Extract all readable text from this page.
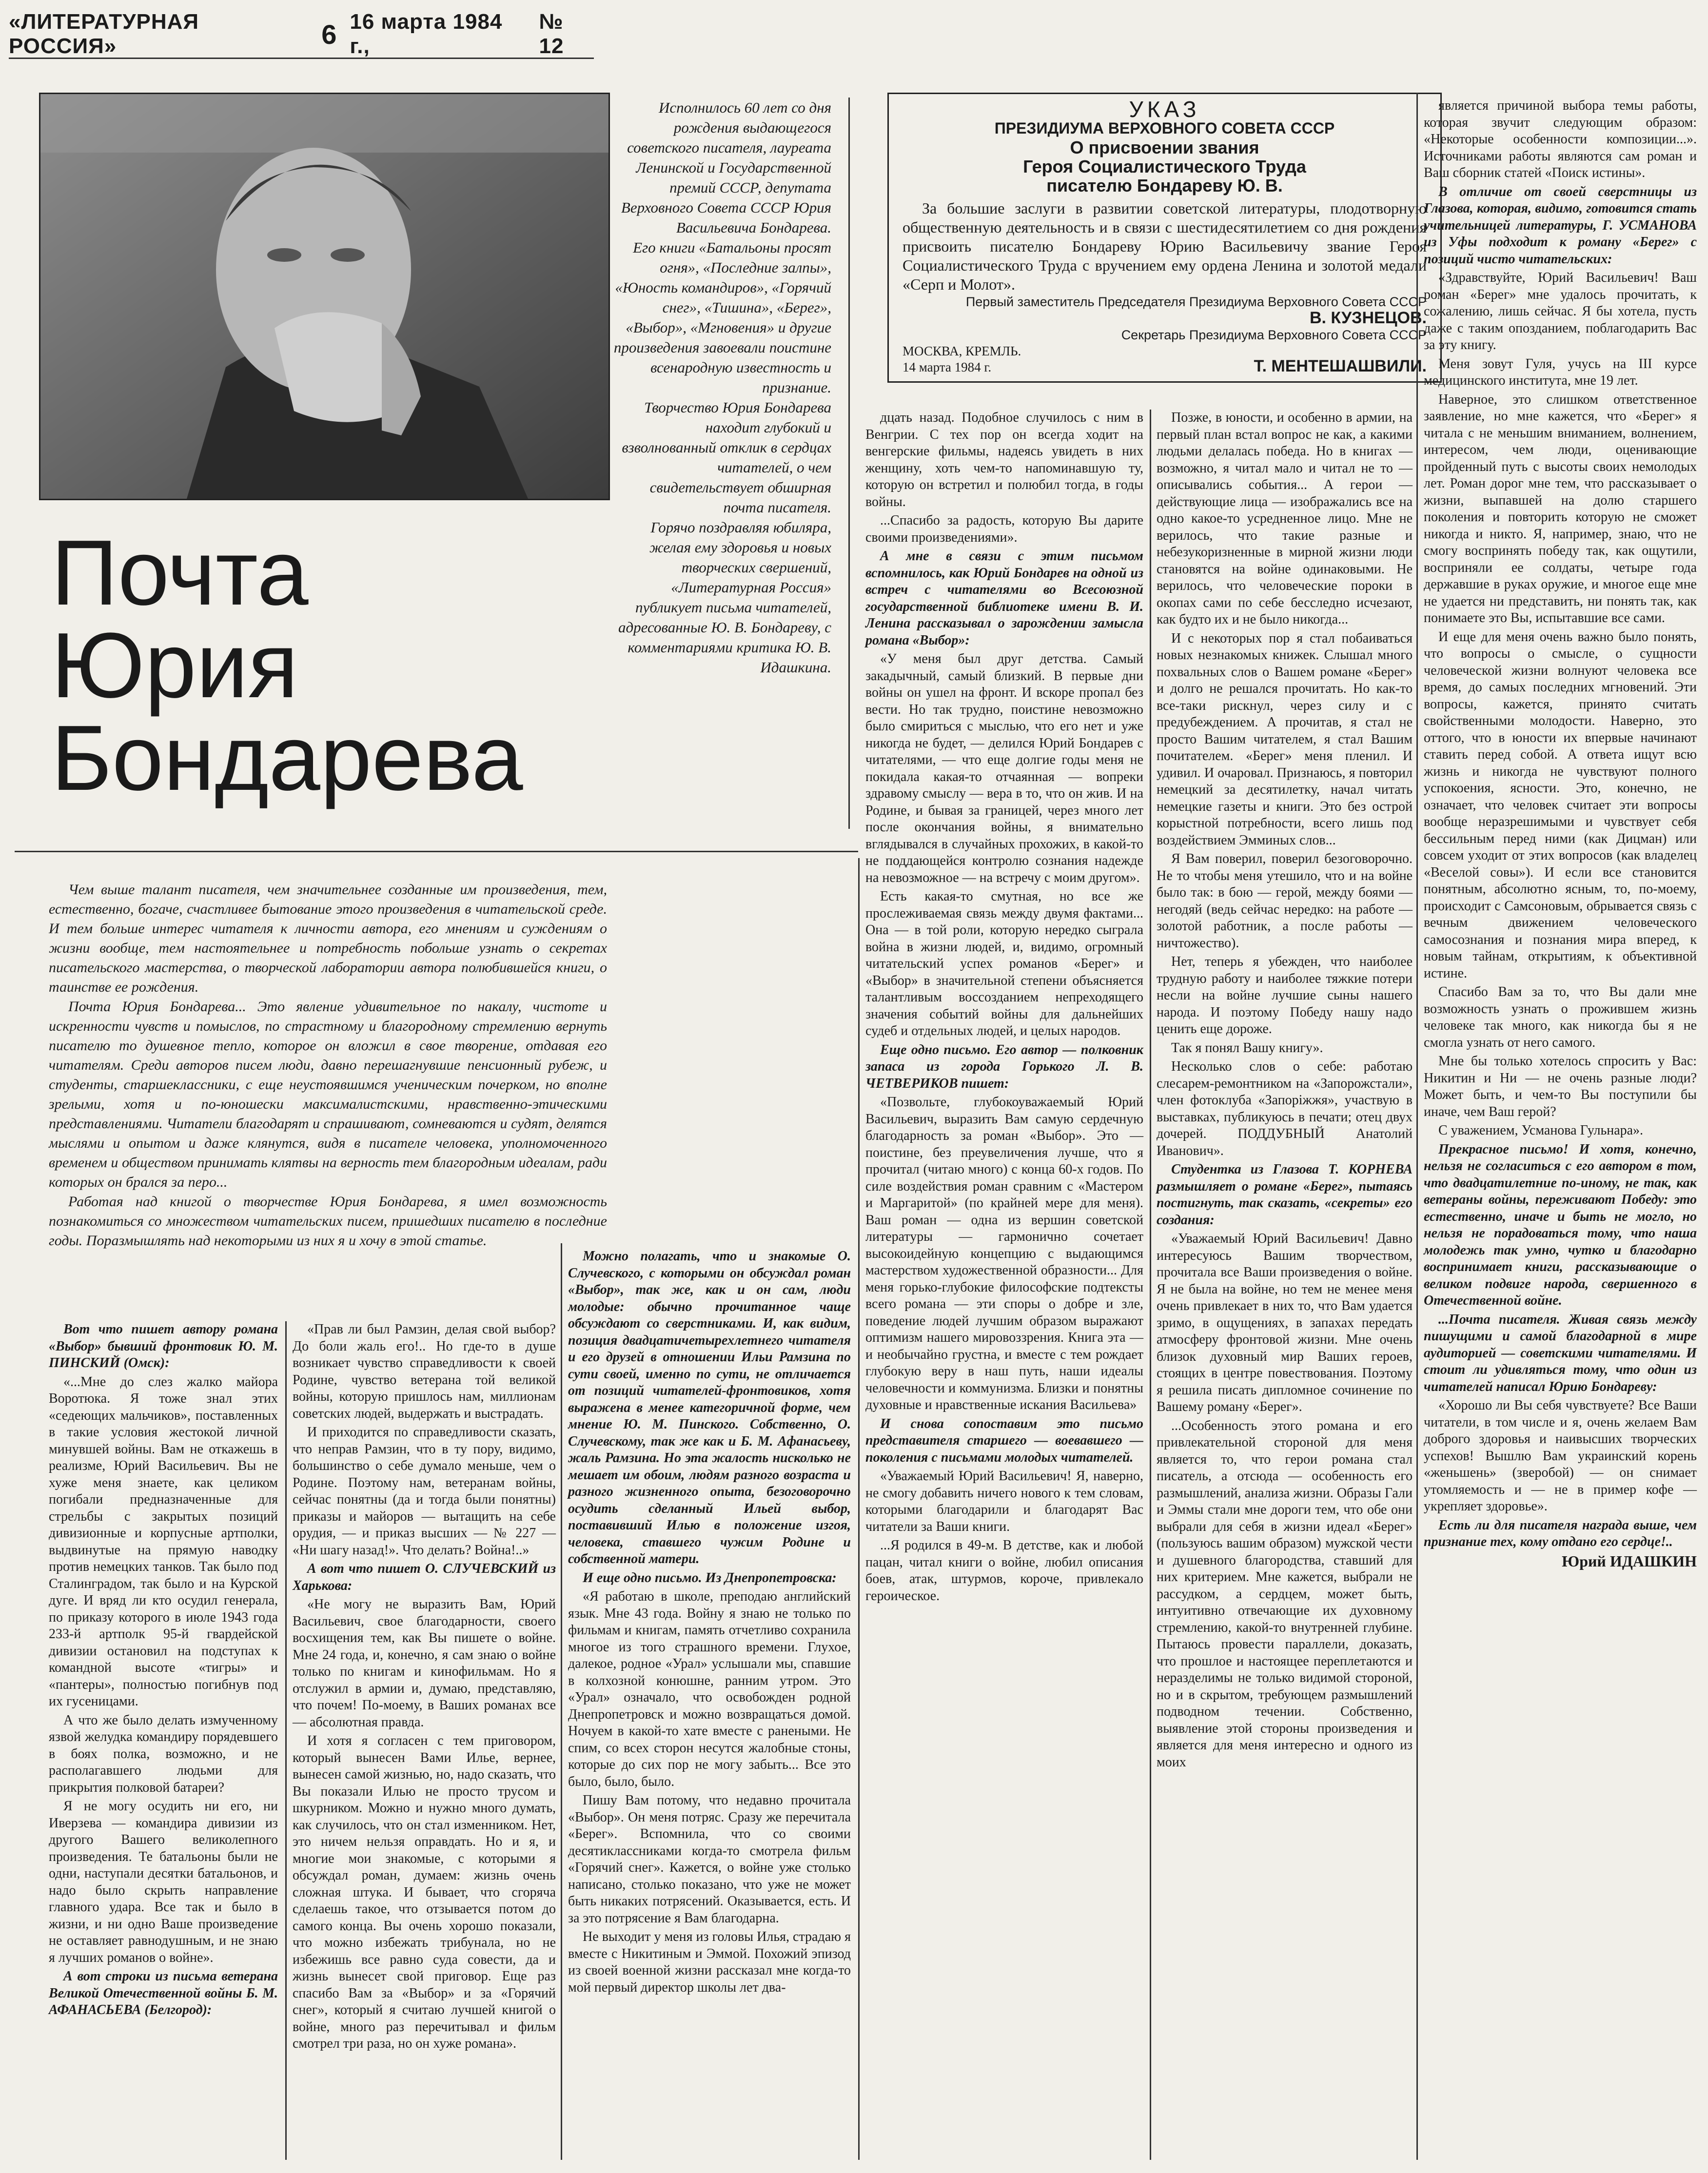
«ЛИТЕРАТУРНАЯ РОССИЯ»	6 16 марта 1984 г.,
№ 12
Почта
Юрия
Бондарева

Исполнилось 60 лет со дня рождения выдающегося советского писателя, лауреата Ленинской и Государственной премий СССР, депутата Верховного Совета СССР Юрия Васильевича Бондарева.

Его книги «Батальоны просят огня», «Последние залпы», «Юность командиров», «Горячий снег», «Тишина», «Берег», «Выбор», «Мгновения» и другие произведения завоевали поистине всенародную известность и признание.

Творчество Юрия Бондарева находит глубокий и взволнованный отклик в сердцах читателей, о чем свидетельствует обширная почта писателя.

Горячо поздравляя юбиляра, желая ему здоровья и новых творческих свершений, «Литературная Россия» публикует письма читателей, адресованные Ю. В. Бондареву, с комментариями критика Ю. В. Идашкина.

УКАЗ
ПРЕЗИДИУМА ВЕРХОВНОГО СОВЕТА СССР
О присвоении звания
Героя Социалистического Труда
писателю Бондареву Ю. В.
За большие заслуги в развитии советской литературы, плодотворную общественную деятельность и в связи с шестидесятилетием со дня рождения присвоить писателю Бондареву Юрию Васильевичу звание Героя Социалистического Труда с вручением ему ордена Ленина и золотой медали «Серп и Молот».
Первый заместитель Председателя Президиума Верховного Совета СССР
В. КУЗНЕЦОВ.
Секретарь Президиума Верховного Совета СССР
МОСКВА, КРЕМЛЬ.
14 марта 1984 г.	Т. МЕНТЕШАШВИЛИ.

Чем выше талант писателя, чем значительнее созданные им произведения, тем, естественно, богаче, счастливее бытование этого произведения в читательской среде. И тем больше интерес читателя к личности автора, его мнениям и суждениям о жизни вообще, тем настоятельнее и потребность побольше узнать о секретах писательского мастерства, о творческой лаборатории автора полюбившейся книги, о таинстве ее рождения.

Почта Юрия Бондарева... Это явление удивительное по накалу, чистоте и искренности чувств и помыслов, по страстному и благородному стремлению вернуть писателю то душевное тепло, которое он вложил в свое творение, отдавая его читателям. Среди авторов писем люди, давно перешагнувшие пенсионный рубеж, и студенты, старшеклассники, с еще неустоявшимся ученическим почерком, но вполне зрелыми, хотя и по-юношески максималистскими, нравственно-этическими представлениями. Читатели благодарят и спрашивают, сомневаются и судят, делятся мыслями и опытом и даже клянутся, видя в писателе человека, уполномоченного временем и обществом принимать клятвы на верность тем благородным идеалам, ради которых он брался за перо...

Работая над книгой о творчестве Юрия Бондарева, я имел возможность познакомиться со множеством читательских писем, пришедших писателю в последние годы. Поразмышлять над некоторыми из них я и хочу в этой статье.

Вот что пишет автору романа «Выбор» бывший фронтовик Ю. М. ПИНСКИЙ (Омск):

«...Мне до слез жалко майора Воротюка. Я тоже знал этих «седеющих мальчиков», поставленных в такие условия жестокой личной минувшей войны. Вам не откажешь в реализме, Юрий Васильевич. Вы не хуже меня знаете, как целиком погибали предназначенные для стрельбы с закрытых позиций дивизионные и корпусные артполки, выдвинутые на прямую наводку против немецких танков. Так было под Сталинградом, так было и на Курской дуге. И вряд ли кто осудил генерала, по приказу которого в июле 1943 года 233-й артполк 95-й гвардейской дивизии остановил на подступах к командной высоте «тигры» и «пантеры», полностью погибнув под их гусеницами.

А что же было делать измученному язвой желудка командиру порядевшего в боях полка, возможно, и не располагавшего людьми для прикрытия полковой батареи?

Я не могу осудить ни его, ни Иверзева — командира дивизии из другого Вашего великолепного произведения. Те батальоны были не одни, наступали десятки батальонов, и надо было скрыть направление главного удара. Все так и было в жизни, и ни одно Ваше произведение не оставляет равнодушным, и не знаю я лучших романов о войне».

А вот строки из письма ветерана Великой Отечественной войны Б. М. АФАНАСЬЕВА (Белгород):

«Прав ли был Рамзин, делая свой выбор? До боли жаль его!.. Но где-то в душе возникает чувство справедливости к своей Родине, чувство ветерана той великой войны, которую пришлось нам, миллионам советских людей, выдержать и выстрадать.

И приходится по справедливости сказать, что неправ Рамзин, что в ту пору, видимо, большинство о себе думало меньше, чем о Родине. Поэтому нам, ветеранам войны, сейчас понятны (да и тогда были понятны) приказы и майоров — вытащить на себе орудия, — и приказ высших — № 227 — «Ни шагу назад!». Что делать? Война!..»

А вот что пишет О. СЛУЧЕВСКИЙ из Харькова:

«Не могу не выразить Вам, Юрий Васильевич, свое благодарности, своего восхищения тем, как Вы пишете о войне. Мне 24 года, и, конечно, я сам знаю о войне только по книгам и кинофильмам. Но я отслужил в армии и, думаю, представляю, что почем! По-моему, в Ваших романах все — абсолютная правда.

И хотя я согласен с тем приговором, который вынесен Вами Илье, вернее, вынесен самой жизнью, но, надо сказать, что Вы показали Илью не просто трусом и шкурником. Можно и нужно много думать, как случилось, что он стал изменником. Нет, это ничем нельзя оправдать. Но и я, и многие мои знакомые, с которыми я обсуждал роман, думаем: жизнь очень сложная штука. И бывает, что сгоряча сделаешь такое, что отзывается потом до самого конца. Вы очень хорошо показали, что можно избежать трибунала, но не избежишь все равно суда совести, да и жизнь вынесет свой приговор. Еще раз спасибо Вам за «Выбор» и за «Горячий снег», который я считаю лучшей книгой о войне, много раз перечитывал и фильм смотрел три раза, но он хуже романа».

Можно полагать, что и знакомые О. Случевского, с которыми он обсуждал роман «Выбор», так же, как и он сам, люди молодые: обычно прочитанное чаще обсуждают со сверстниками. И, как видим, позиция двадцатичетырехлетнего читателя и его друзей в отношении Ильи Рамзина по сути своей, именно по сути, не отличается от позиций читателей-фронтовиков, хотя выражена в менее категоричной форме, чем мнение Ю. М. Пинского. Собственно, О. Случевскому, так же как и Б. М. Афанасьеву, жаль Рамзина. Но эта жалость нисколько не мешает им обоим, людям разного возраста и разного жизненного опыта, безоговорочно осудить сделанный Ильей выбор, поставивший Илью в положение изгоя, человека, ставшего чужим Родине и собственной матери.

И еще одно письмо. Из Днепропетровска:

«Я работаю в школе, преподаю английский язык. Мне 43 года. Войну я знаю не только по фильмам и книгам, память отчетливо сохранила многое из того страшного времени. Глухое, далекое, родное «Урал» услышали мы, спавшие в колхозной конюшне, ранним утром. Это «Урал» означало, что освобожден родной Днепропетровск и можно возвращаться домой. Ночуем в какой-то хате вместе с ранеными. Не спим, со всех сторон несутся жалобные стоны, которые до сих пор не могу забыть... Все это было, было, было.

Пишу Вам потому, что недавно прочитала «Выбор». Он меня потряс. Сразу же перечитала «Берег». Вспомнила, что со своими десятиклассниками когда-то смотрела фильм «Горячий снег». Кажется, о войне уже столько написано, столько показано, что уже не может быть никаких потрясений. Оказывается, есть. И за это потрясение я Вам благодарна.

Не выходит у меня из головы Илья, страдаю я вместе с Никитиным и Эммой. Похожий эпизод из своей военной жизни рассказал мне когда-то мой первый директор школы лет два-

дцать назад. Подобное случилось с ним в Венгрии. С тех пор он всегда ходит на венгерские фильмы, надеясь увидеть в них женщину, хоть чем-то напоминавшую ту, которую он встретил и полюбил тогда, в годы войны.

...Спасибо за радость, которую Вы дарите своими произведениями».

А мне в связи с этим письмом вспомнилось, как Юрий Бондарев на одной из встреч с читателями во Всесоюзной государственной библиотеке имени В. И. Ленина рассказывал о зарождении замысла романа «Выбор»:

«У меня был друг детства. Самый закадычный, самый близкий. В первые дни войны он ушел на фронт. И вскоре пропал без вести. Но так трудно, поистине невозможно было смириться с мыслью, что его нет и уже никогда не будет, — делился Юрий Бондарев с читателями, — что еще долгие годы меня не покидала какая-то отчаянная — вопреки здравому смыслу — вера в то, что он жив. И на Родине, и бывая за границей, через много лет после окончания войны, я внимательно вглядывался в случайных прохожих, в какой-то не поддающейся контролю сознания надежде на невозможное — на встречу с моим другом».

Есть какая-то смутная, но все же прослеживаемая связь между двумя фактами... Она — в той роли, которую нередко сыграла война в жизни людей, и, видимо, огромный читательский успех романов «Берег» и «Выбор» в значительной степени объясняется талантливым воссозданием непреходящего значения событий войны для дальнейших судеб и отдельных людей, и целых народов.

Еще одно письмо. Его автор — полковник запаса из города Горького Л. В. ЧЕТВЕРИКОВ пишет:

«Позвольте, глубокоуважаемый Юрий Васильевич, выразить Вам самую сердечную благодарность за роман «Выбор». Это — поистине, без преувеличения лучше, что я прочитал (читаю много) с конца 60-х годов. По силе воздействия роман сравним с «Мастером и Маргаритой» (по крайней мере для меня). Ваш роман — одна из вершин советской литературы — гармонично сочетает высокоидейную концепцию с выдающимся мастерством художественной образности... Для меня горько-глубокие философские подтексты всего романа — эти споры о добре и зле, поведение людей лучшим образом выражают оптимизм нашего мировоззрения. Книга эта — и необычайно грустна, и вместе с тем рождает глубокую веру в наш путь, наши идеалы человечности и коммунизма. Близки и понятны духовные и нравственные искания Васильева»

И снова сопоставим это письмо представителя старшего — воевавшего — поколения с письмами молодых читателей.

«Уважаемый Юрий Васильевич! Я, наверно, не смогу добавить ничего нового к тем словам, которыми благодарили и благодарят Вас читатели за Ваши книги.

...Я родился в 49-м. В детстве, как и любой пацан, читал книги о войне, любил описания боев, атак, штурмов, короче, привлекало героическое.

Позже, в юности, и особенно в армии, на первый план встал вопрос не как, а какими людьми делалась победа. Но в книгах — возможно, я читал мало и читал не то — описывались события... А герои — действующие лица — изображались все на одно какое-то усредненное лицо. Мне не верилось, что такие разные и небезукоризненные в мирной жизни люди становятся на войне одинаковыми. Не верилось, что человеческие пороки в окопах сами по себе бесследно исчезают, как будто их и не было никогда...

И с некоторых пор я стал побаиваться новых незнакомых книжек. Слышал много похвальных слов о Вашем романе «Берег» и долго не решался прочитать. Но как-то все-таки рискнул, через силу и с предубеждением. А прочитав, я стал не просто Вашим читателем, я стал Вашим почитателем. «Берег» меня пленил. И удивил. И очаровал. Признаюсь, я повторил немецкий за десятилетку, начал читать немецкие газеты и книги. Это без острой корыстной потребности, всего лишь под воздействием Эмминых слов...

Я Вам поверил, поверил безоговорочно. Не то чтобы меня утешило, что и на войне было так: в бою — герой, между боями — негодяй (ведь сейчас нередко: на работе — золотой работник, а после работы — ничтожество).

Нет, теперь я убежден, что наиболее трудную работу и наиболее тяжкие потери несли на войне лучшие сыны нашего народа. И поэтому Победу нашу надо ценить еще дороже.

Так я понял Вашу книгу».

Несколько слов о себе: работаю слесарем-ремонтником на «Запорожстали», член фотоклуба «Запорiжжя», участвую в выставках, публикуюсь в печати; отец двух дочерей. ПОДДУБНЫЙ Анатолий Иванович».

Студентка из Глазова Т. КОРНЕВА размышляет о романе «Берег», пытаясь постигнуть, так сказать, «секреты» его создания:

«Уважаемый Юрий Васильевич! Давно интересуюсь Вашим творчеством, прочитала все Ваши произведения о войне. Я не была на войне, но тем не менее меня очень привлекает в них то, что Вам удается зримо, в ощущениях, в запахах передать атмосферу фронтовой жизни. Мне очень близок духовный мир Ваших героев, стоящих в центре повествования. Поэтому я решила писать дипломное сочинение по Вашему роману «Берег».

...Особенность этого романа и его привлекательной стороной для меня является то, что герои романа стал писатель, а отсюда — особенность его размышлений, анализа жизни. Образы Гали и Эммы стали мне дороги тем, что обе они выбрали для себя в жизни идеал «Берег» (пользуюсь вашим образом) мужской чести и душевного благородства, ставший для них критерием. Мне кажется, выбрали не рассудком, а сердцем, может быть, интуитивно отвечающие их духовному стремлению, какой-то внутренней глубине. Пытаюсь провести параллели, доказать, что прошлое и настоящее переплетаются и неразделимы не только видимой стороной, но и в скрытом, требующем размышлений подводном течении. Собственно, выявление этой стороны произведения и является для меня интересно и одного из моих

является причиной выбора темы работы, которая звучит следующим образом: «Некоторые особенности композиции...». Источниками работы являются сам роман и Ваш сборник статей «Поиск истины».

В отличие от своей сверстницы из Глазова, которая, видимо, готовится стать учительницей литературы, Г. УСМАНОВА из Уфы подходит к роману «Берег» с позиций чисто читательских:

«Здравствуйте, Юрий Васильевич! Ваш роман «Берег» мне удалось прочитать, к сожалению, лишь сейчас. Я бы хотела, пусть даже с таким опозданием, поблагодарить Вас за эту книгу.

Меня зовут Гуля, учусь на III курсе медицинского института, мне 19 лет.

Наверное, это слишком ответственное заявление, но мне кажется, что «Берег» я читала с не меньшим вниманием, волнением, интересом, чем люди, оценивающие пройденный путь с высоты своих немолодых лет. Роман дорог мне тем, что рассказывает о жизни, выпавшей на долю старшего поколения и повторить которую не сможет никогда и никто. Я, например, знаю, что не смогу воспринять победу так, как ощутили, восприняли ее солдаты, четыре года державшие в руках оружие, и многое еще мне не удается ни представить, ни понять так, как понимаете это Вы, испытавшие все сами.

И еще для меня очень важно было понять, что вопросы о смысле, о сущности человеческой жизни волнуют человека все время, до самых последних мгновений. Эти вопросы, кажется, принято считать свойственными молодости. Наверно, это оттого, что в юности их впервые начинают ставить перед собой. А ответа ищут всю жизнь и никогда не чувствуют полного успокоения, ясности. Это, конечно, не означает, что человек считает эти вопросы вообще неразрешимыми и чувствует себя бессильным перед ними (как Дицман) или совсем уходит от этих вопросов (как владелец «Веселой совы»). И если все становится понятным, абсолютно ясным, то, по-моему, происходит с Самсоновым, обрывается связь с вечным движением человеческого самосознания и познания мира вперед, к новым тайнам, открытиям, к объективной истине.

Спасибо Вам за то, что Вы дали мне возможность узнать о прожившем жизнь человеке так много, как никогда бы я не смогла узнать от него самого.

Мне бы только хотелось спросить у Вас: Никитин и Ни — не очень разные люди? Может быть, и чем-то Вы поступили бы иначе, чем Ваш герой?

С уважением, Усманова Гульнара».

Прекрасное письмо! И хотя, конечно, нельзя не согласиться с его автором в том, что двадцатилетние по-иному, не так, как ветераны войны, переживают Победу: это естественно, иначе и быть не могло, но нельзя не порадоваться тому, что наша молодежь так умно, чутко и благодарно воспринимает книги, рассказывающие о великом подвиге народа, свершенного в Отечественной войне.

...Почта писателя. Живая связь между пишущими и самой благодарной в мире аудиторией — советскими читателями. И стоит ли удивляться тому, что один из читателей написал Юрию Бондареву:

«Хорошо ли Вы себя чувствуете? Все Ваши читатели, в том числе и я, очень желаем Вам доброго здоровья и наивысших творческих успехов! Вышлю Вам украинский корень «женьшень» (зверобой) — он снимает утомляемость и — не в пример кофе — укрепляет здоровье».

Есть ли для писателя награда выше, чем признание тех, кому отдано его сердце!..

Юрий ИДАШКИН
